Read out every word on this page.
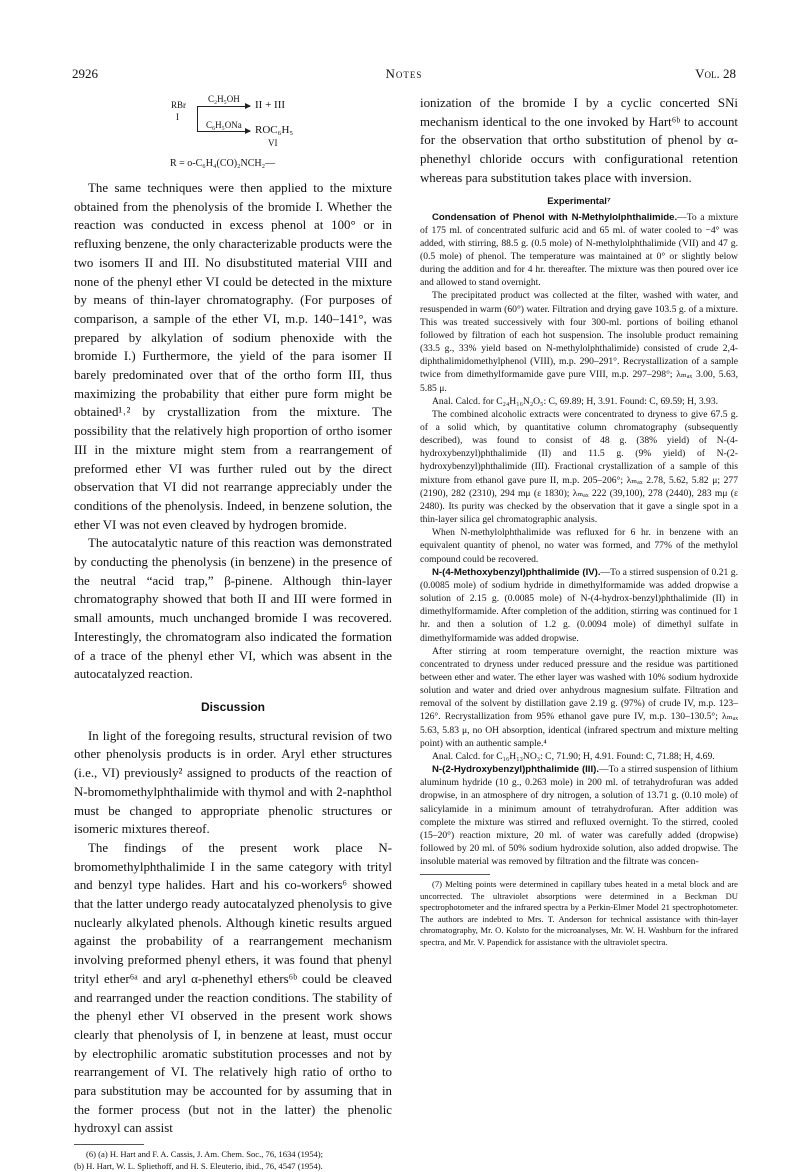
2926	Notes	Vol. 28
RBr
I
C₂H₅OH II + III
C₆H₅ONa ROC₆H₅
VI
R = o-C₆H₄(CO)₂NCH₂—

The same techniques were then applied to the mixture obtained from the phenolysis of the bromide I. Whether the reaction was conducted in excess phenol at 100° or in refluxing benzene, the only characterizable products were the two isomers II and III. No disubstituted material VIII and none of the phenyl ether VI could be detected in the mixture by means of thin-layer chromatography. (For purposes of comparison, a sample of the ether VI, m.p. 140–141°, was prepared by alkylation of sodium phenoxide with the bromide I.) Furthermore, the yield of the para isomer II barely predominated over that of the ortho form III, thus maximizing the probability that either pure form might be obtained¹˒² by crystallization from the mixture. The possibility that the relatively high proportion of ortho isomer III in the mixture might stem from a rearrangement of preformed ether VI was further ruled out by the direct observation that VI did not rearrange appreciably under the conditions of the phenolysis. Indeed, in benzene solution, the ether VI was not even cleaved by hydrogen bromide.

The autocatalytic nature of this reaction was demonstrated by conducting the phenolysis (in benzene) in the presence of the neutral “acid trap,” β-pinene. Although thin-layer chromatography showed that both II and III were formed in small amounts, much unchanged bromide I was recovered. Interestingly, the chromatogram also indicated the formation of a trace of the phenyl ether VI, which was absent in the autocatalyzed reaction.

Discussion

In light of the foregoing results, structural revision of two other phenolysis products is in order. Aryl ether structures (i.e., VI) previously² assigned to products of the reaction of N-bromomethylphthalimide with thymol and with 2-naphthol must be changed to appropriate phenolic structures or isomeric mixtures thereof.

The findings of the present work place N-bromomethylphthalimide I in the same category with trityl and benzyl type halides. Hart and his co-workers⁶ showed that the latter undergo ready autocatalyzed phenolysis to give nuclearly alkylated phenols. Although kinetic results argued against the probability of a rearrangement mechanism involving preformed phenyl ethers, it was found that phenyl trityl ether⁶ᵃ and aryl α-phenethyl ethers⁶ᵇ could be cleaved and rearranged under the reaction conditions. The stability of the phenyl ether VI observed in the present work shows clearly that phenolysis of I, in benzene at least, must occur by electrophilic aromatic substitution processes and not by rearrangement of VI. The relatively high ratio of ortho to para substitution may be accounted for by assuming that in the former process (but not in the latter) the phenolic hydroxyl can assist

(6) (a) H. Hart and F. A. Cassis, J. Am. Chem. Soc., 76, 1634 (1954);

(b) H. Hart, W. L. Spliethoff, and H. S. Eleuterio, ibid., 76, 4547 (1954).

ionization of the bromide I by a cyclic concerted SNi mechanism identical to the one invoked by Hart⁶ᵇ to account for the observation that ortho substitution of phenol by α-phenethyl chloride occurs with configurational retention whereas para substitution takes place with inversion.

Experimental⁷

Condensation of Phenol with N-Methylolphthalimide.—To a mixture of 175 ml. of concentrated sulfuric acid and 65 ml. of water cooled to −4° was added, with stirring, 88.5 g. (0.5 mole) of N-methylolphthalimide (VII) and 47 g. (0.5 mole) of phenol. The temperature was maintained at 0° or slightly below during the addition and for 4 hr. thereafter. The mixture was then poured over ice and allowed to stand overnight.

The precipitated product was collected at the filter, washed with water, and resuspended in warm (60°) water. Filtration and drying gave 103.5 g. of a mixture. This was treated successively with four 300-ml. portions of boiling ethanol followed by filtration of each hot suspension. The insoluble product remaining (33.5 g., 33% yield based on N-methylolphthalimide) consisted of crude 2,4-diphthalimidomethylphenol (VIII), m.p. 290–291°. Recrystallization of a sample twice from dimethylformamide gave pure VIII, m.p. 297–298°; λₘₐₓ 3.00, 5.63, 5.85 μ.

Anal. Calcd. for C₂₄H₁₆N₂O₅: C, 69.89; H, 3.91. Found: C, 69.59; H, 3.93.

The combined alcoholic extracts were concentrated to dryness to give 67.5 g. of a solid which, by quantitative column chromatography (subsequently described), was found to consist of 48 g. (38% yield) of N-(4-hydroxybenzyl)phthalimide (II) and 11.5 g. (9% yield) of N-(2-hydroxybenzyl)phthalimide (III). Fractional crystallization of a sample of this mixture from ethanol gave pure II, m.p. 205–206°; λₘₐₓ 2.78, 5.62, 5.82 μ; 277 (2190), 282 (2310), 294 mμ (ε 1830); λₘₐₓ 222 (39,100), 278 (2440), 283 mμ (ε 2480). Its purity was checked by the observation that it gave a single spot in a thin-layer silica gel chromatographic analysis.

When N-methylolphthalimide was refluxed for 6 hr. in benzene with an equivalent quantity of phenol, no water was formed, and 77% of the methylol compound could be recovered.

N-(4-Methoxybenzyl)phthalimide (IV).—To a stirred suspension of 0.21 g. (0.0085 mole) of sodium hydride in dimethylformamide was added dropwise a solution of 2.15 g. (0.0085 mole) of N-(4-hydrox-benzyl)phthalimide (II) in dimethylformamide. After completion of the addition, stirring was continued for 1 hr. and then a solution of 1.2 g. (0.0094 mole) of dimethyl sulfate in dimethylformamide was added dropwise.

After stirring at room temperature overnight, the reaction mixture was concentrated to dryness under reduced pressure and the residue was partitioned between ether and water. The ether layer was washed with 10% sodium hydroxide solution and water and dried over anhydrous magnesium sulfate. Filtration and removal of the solvent by distillation gave 2.19 g. (97%) of crude IV, m.p. 123–126°. Recrystallization from 95% ethanol gave pure IV, m.p. 130–130.5°; λₘₐₓ 5.63, 5.83 μ, no OH absorption, identical (infrared spectrum and mixture melting point) with an authentic sample.⁴

Anal. Calcd. for C₁₆H₁₃NO₃: C, 71.90; H, 4.91. Found: C, 71.88; H, 4.69.

N-(2-Hydroxybenzyl)phthalimide (III).—To a stirred suspension of lithium aluminum hydride (10 g., 0.263 mole) in 200 ml. of tetrahydrofuran was added dropwise, in an atmosphere of dry nitrogen, a solution of 13.71 g. (0.10 mole) of salicylamide in a minimum amount of tetrahydrofuran. After addition was complete the mixture was stirred and refluxed overnight. To the stirred, cooled (15–20°) reaction mixture, 20 ml. of water was carefully added (dropwise) followed by 20 ml. of 50% sodium hydroxide solution, also added dropwise. The insoluble material was removed by filtration and the filtrate was concen-

(7) Melting points were determined in capillary tubes heated in a metal block and are uncorrected. The ultraviolet absorptions were determined in a Beckman DU spectrophotometer and the infrared spectra by a Perkin-Elmer Model 21 spectrophotometer. The authors are indebted to Mrs. T. Anderson for technical assistance with thin-layer chromatography, Mr. O. Kolsto for the microanalyses, Mr. W. H. Washburn for the infrared spectra, and Mr. V. Papendick for assistance with the ultraviolet spectra.
